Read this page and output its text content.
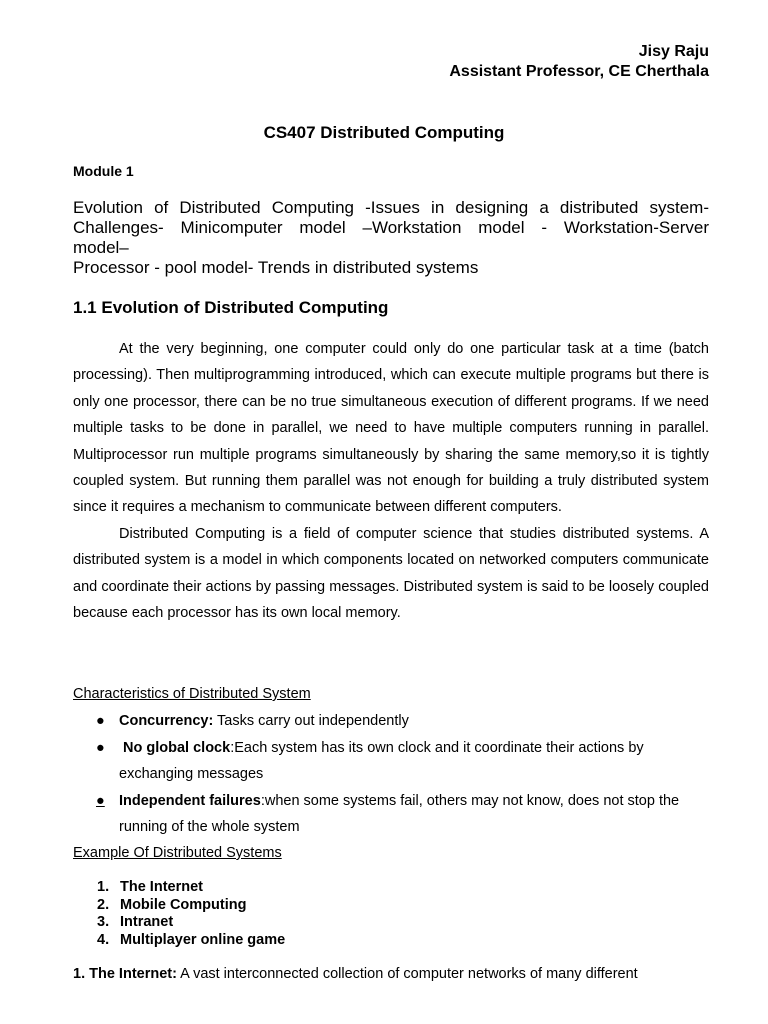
Jisy Raju
Assistant Professor, CE Cherthala
CS407 Distributed Computing
Module 1
Evolution of Distributed Computing -Issues in designing a distributed system-
Challenges- Minicomputer model –Workstation model - Workstation-Server
model–
Processor - pool model- Trends in distributed systems
1.1 Evolution of Distributed Computing

At the very beginning, one computer could only do one particular task at a time (batch processing). Then multiprogramming introduced, which can execute multiple programs but there is only one processor, there can be no true simultaneous execution of different programs. If we need multiple tasks to be done in parallel, we need to have multiple computers running in parallel. Multiprocessor run multiple programs simultaneously by sharing the same memory,so it is tightly coupled system. But running them parallel was not enough for building a truly distributed system since it requires a mechanism to communicate between different computers.

Distributed Computing is a field of computer science that studies distributed systems. A distributed system is a model in which components located on networked computers communicate and coordinate their actions by passing messages. Distributed system is said to be loosely coupled because each processor has its own local memory.

Characteristics of Distributed System
● Concurrency: Tasks carry out independently
●	No global clock:Each system has its own clock and it coordinate their actions by exchanging messages
● Independent failures:when some systems fail, others may not know, does not stop the running of the whole system
Example Of Distributed Systems
1. The Internet
2. Mobile Computing
3. Intranet
4. Multiplayer online game
1. The Internet: A vast interconnected collection of computer networks of many different
